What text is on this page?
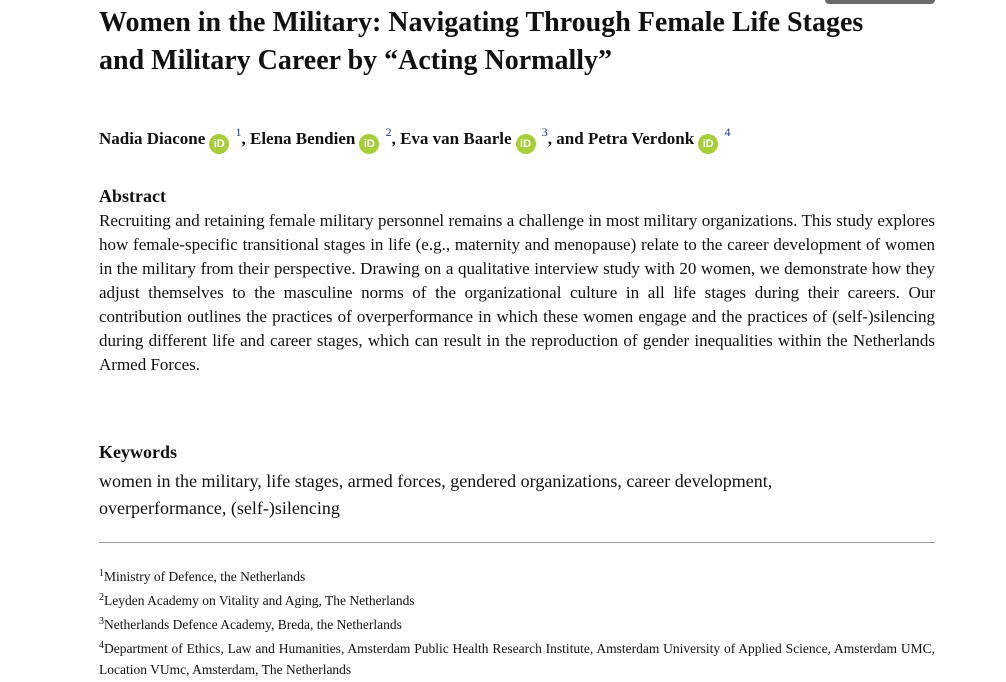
Women in the Military: Navigating Through Female Life Stages and Military Career by “Acting Normally”
Nadia Diacone iD $^1$, Elena Bendien iD $^2$, Eva van Baarle iD $^3$, and Petra Verdonk iD $^4$
Abstract

Recruiting and retaining female military personnel remains a challenge in most military organizations. This study explores how female-specific transitional stages in life (e.g., maternity and menopause) relate to the career development of women in the military from their perspective. Drawing on a qualitative interview study with 20 women, we demonstrate how they adjust themselves to the masculine norms of the organizational culture in all life stages during their careers. Our contribution outlines the practices of overperformance in which these women engage and the practices of (self-)silencing during different life and career stages, which can result in the reproduction of gender inequalities within the Netherlands Armed Forces.

Keywords

women in the military, life stages, armed forces, gendered organizations, career development, overperformance, (self-)silencing

$^1$Ministry of Defence, the Netherlands
$^2$Leyden Academy on Vitality and Aging, The Netherlands
$^3$Netherlands Defence Academy, Breda, the Netherlands
$^4$Department of Ethics, Law and Humanities, Amsterdam Public Health Research Institute, Amsterdam University of Applied Science, Amsterdam UMC, Location VUmc, Amsterdam, The Netherlands
